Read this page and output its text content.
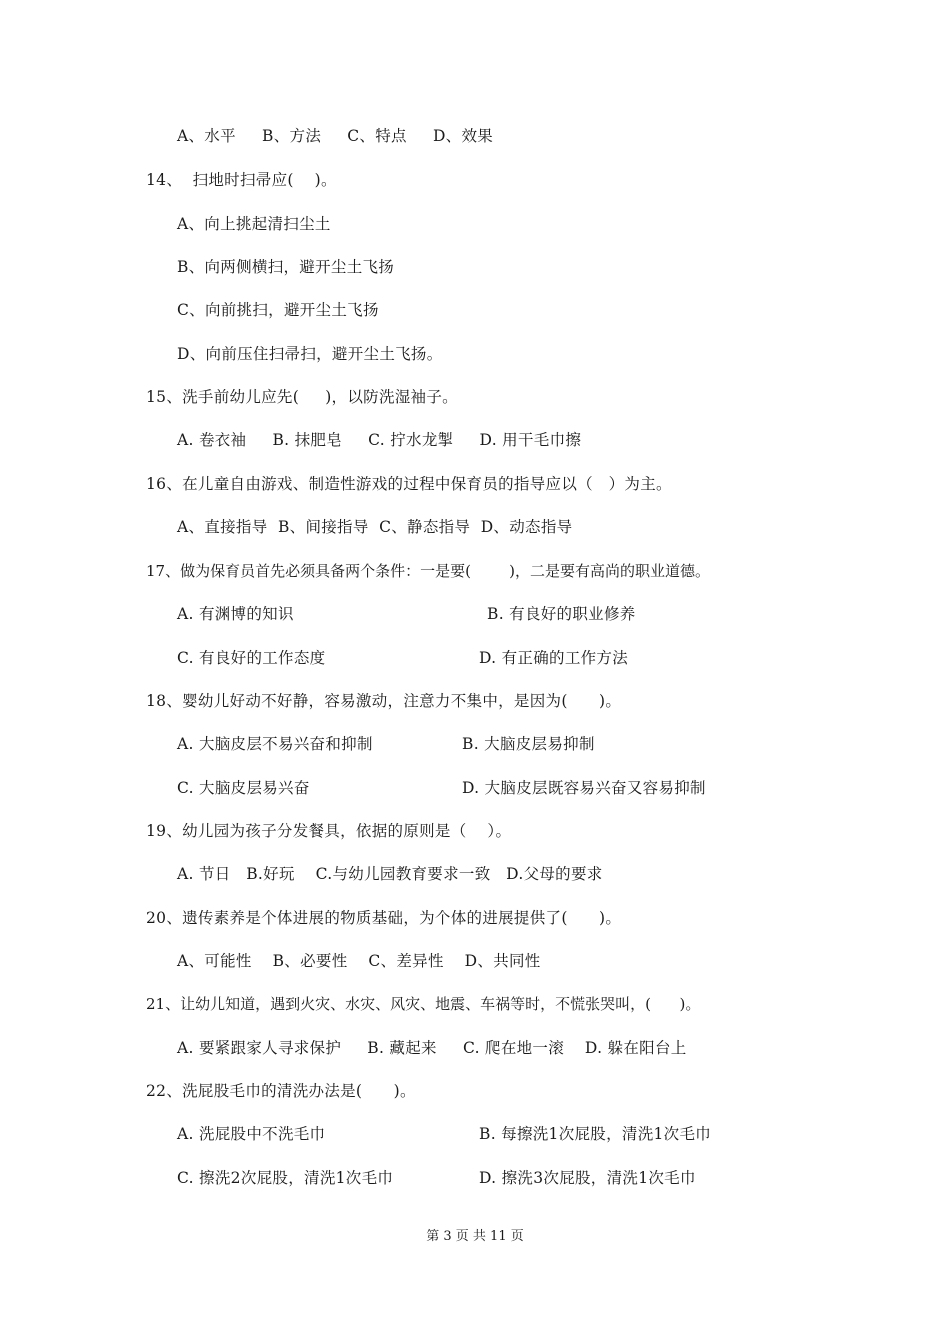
A、水平     B、方法     C、特点     D、效果
14、  扫地时扫帚应(    )。
A、向上挑起清扫尘土
B、向两侧横扫，避开尘土飞扬
C、向前挑扫，避开尘土飞扬
D、向前压住扫帚扫，避开尘土飞扬。
15、洗手前幼儿应先(     )，以防洗湿袖子。
A. 卷衣袖     B. 抹肥皂     C. 拧水龙掣     D. 用干毛巾擦
16、在儿童自由游戏、制造性游戏的过程中保育员的指导应以（   ）为主。
A、直接指导  B、间接指导  C、静态指导  D、动态指导
17、做为保育员首先必须具备两个条件：一是要(        )，二是要有高尚的职业道德。
A. 有渊博的知识	B. 有良好的职业修养
C. 有良好的工作态度	D. 有正确的工作方法
18、婴幼儿好动不好静，容易激动，注意力不集中，是因为(      )。
A. 大脑皮层不易兴奋和抑制	B. 大脑皮层易抑制
C. 大脑皮层易兴奋	D. 大脑皮层既容易兴奋又容易抑制
19、幼儿园为孩子分发餐具，依据的原则是（    ）。
A. 节日   B.好玩    C.与幼儿园教育要求一致   D.父母的要求
20、遗传素养是个体进展的物质基础，为个体的进展提供了(      )。
A、可能性    B、必要性    C、差异性    D、共同性
21、让幼儿知道，遇到火灾、水灾、风灾、地震、车祸等时，不慌张哭叫，(      )。
A. 要紧跟家人寻求保护     B. 藏起来     C. 爬在地一滚    D. 躲在阳台上
22、洗屁股毛巾的清洗办法是(      )。
A. 洗屁股中不洗毛巾	B. 每擦洗1次屁股，清洗1次毛巾
C. 擦洗2次屁股，清洗1次毛巾	D. 擦洗3次屁股，清洗1次毛巾
第 3 页 共 11 页
